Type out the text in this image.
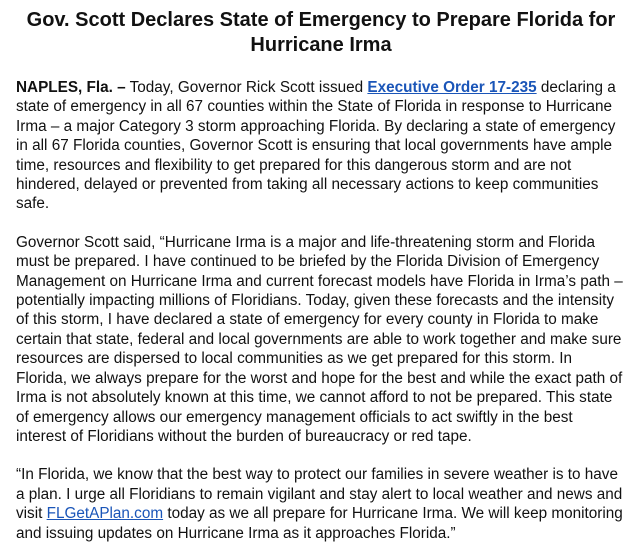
Gov. Scott Declares State of Emergency to Prepare Florida for Hurricane Irma

NAPLES, Fla. – Today, Governor Rick Scott issued Executive Order 17-235 declaring a state of emergency in all 67 counties within the State of Florida in response to Hurricane Irma – a major Category 3 storm approaching Florida. By declaring a state of emergency in all 67 Florida counties, Governor Scott is ensuring that local governments have ample time, resources and flexibility to get prepared for this dangerous storm and are not hindered, delayed or prevented from taking all necessary actions to keep communities safe.

Governor Scott said, “Hurricane Irma is a major and life-threatening storm and Florida must be prepared. I have continued to be briefed by the Florida Division of Emergency Management on Hurricane Irma and current forecast models have Florida in Irma’s path – potentially impacting millions of Floridians. Today, given these forecasts and the intensity of this storm, I have declared a state of emergency for every county in Florida to make certain that state, federal and local governments are able to work together and make sure resources are dispersed to local communities as we get prepared for this storm. In Florida, we always prepare for the worst and hope for the best and while the exact path of Irma is not absolutely known at this time, we cannot afford to not be prepared. This state of emergency allows our emergency management officials to act swiftly in the best interest of Floridians without the burden of bureaucracy or red tape.

“In Florida, we know that the best way to protect our families in severe weather is to have a plan. I urge all Floridians to remain vigilant and stay alert to local weather and news and visit FLGetAPlan.com today as we all prepare for Hurricane Irma. We will keep monitoring and issuing updates on Hurricane Irma as it approaches Florida.”
